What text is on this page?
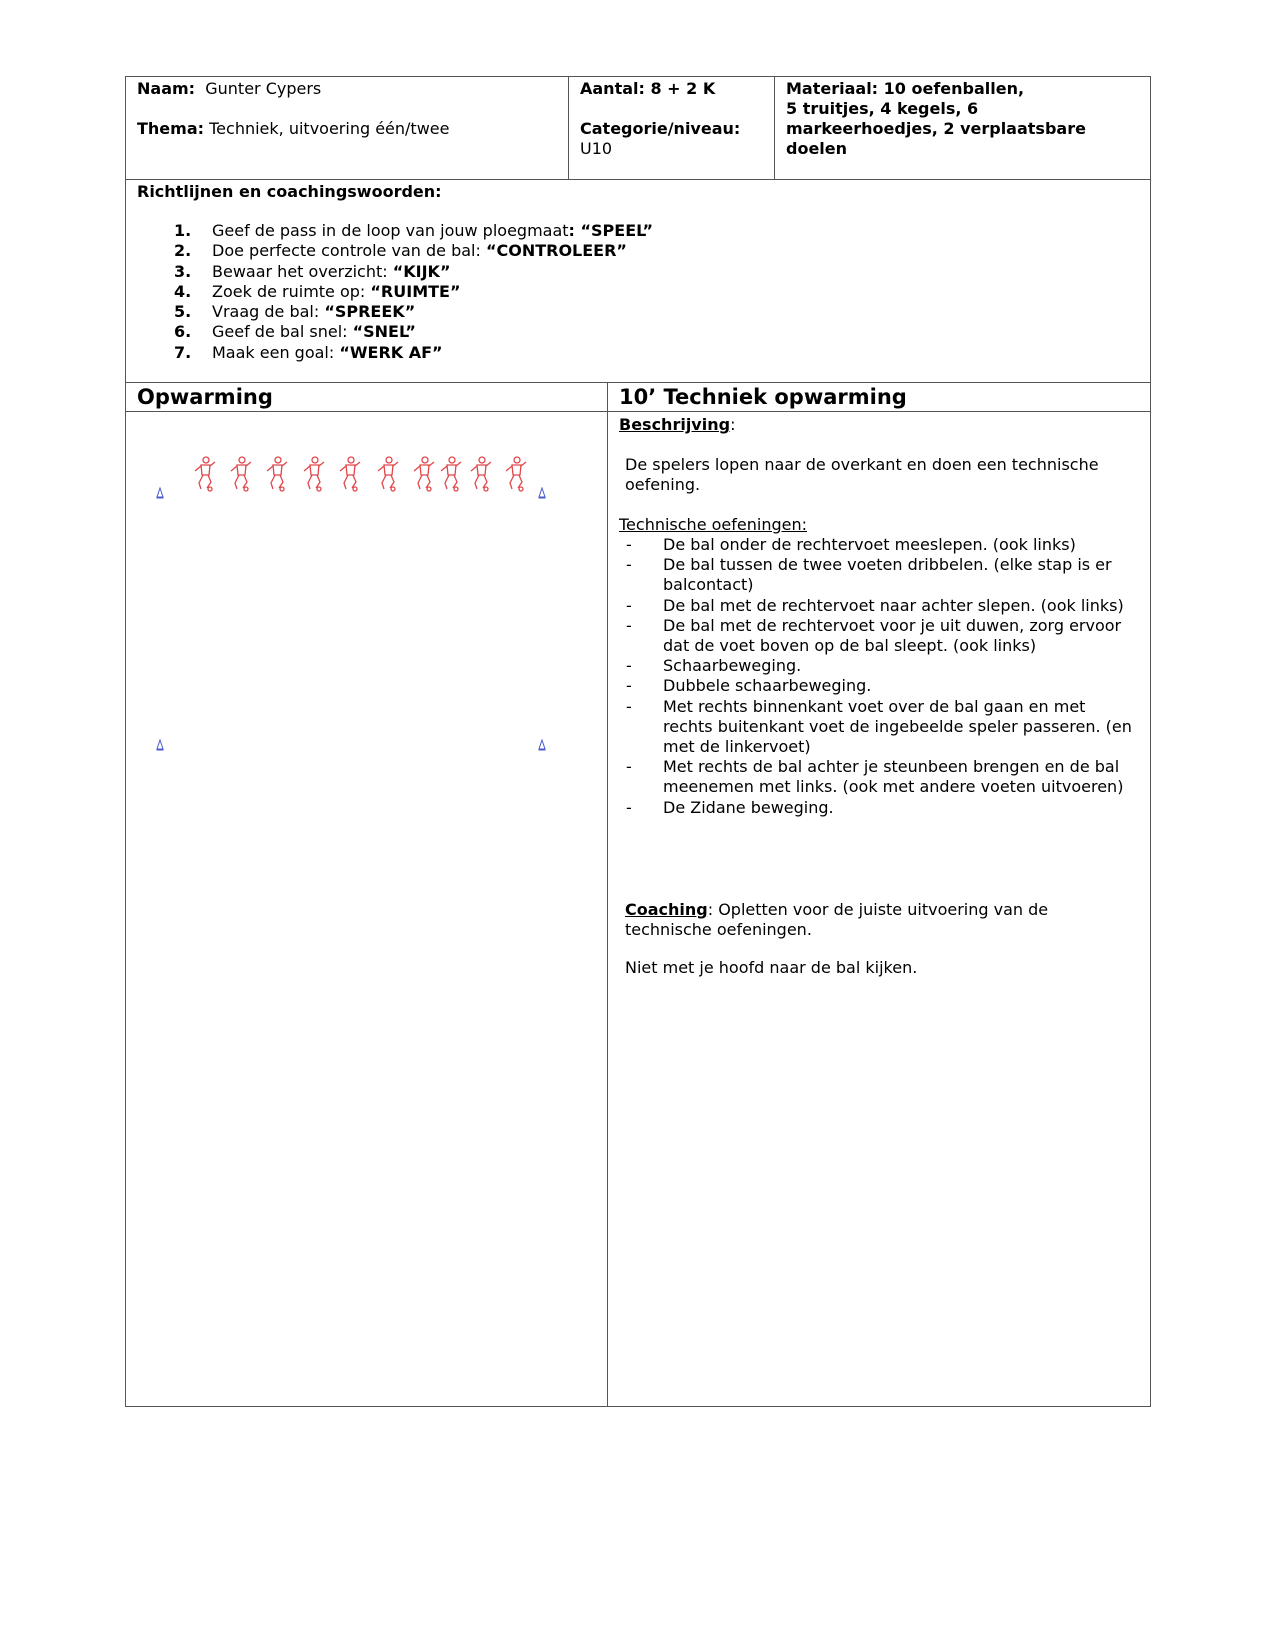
Naam: Gunter Cypers
Thema: Techniek, uitvoering één/twee
Aantal: 8 + 2 K
Categorie/niveau:
U10
Materiaal: 10 oefenballen,
5 truitjes, 4 kegels, 6
markeerhoedjes, 2 verplaatsbare
doelen
Richtlijnen en coachingswoorden:
1. Geef de pass in de loop van jouw ploegmaat: “SPEEL”
2. Doe perfecte controle van de bal: “CONTROLEER”
3. Bewaar het overzicht: “KIJK”
4. Zoek de ruimte op: “RUIMTE”
5. Vraag de bal: “SPREEK”
6. Geef de bal snel: “SNEL”
7. Maak een goal: “WERK AF”
Opwarming	10’ Techniek opwarming
Beschrijving:
De spelers lopen naar de overkant en doen een technische oefening.
Technische oefeningen:
- De bal onder de rechtervoet meeslepen. (ook links)
- De bal tussen de twee voeten dribbelen. (elke stap is er balcontact)
- De bal met de rechtervoet naar achter slepen. (ook links)
- De bal met de rechtervoet voor je uit duwen, zorg ervoor dat de voet boven op de bal sleept. (ook links)
- Schaarbeweging.
- Dubbele schaarbeweging.
- Met rechts binnenkant voet over de bal gaan en met rechts buitenkant voet de ingebeelde speler passeren. (en met de linkervoet)
- Met rechts de bal achter je steunbeen brengen en de bal meenemen met links. (ook met andere voeten uitvoeren)
- De Zidane beweging.
Coaching: Opletten voor de juiste uitvoering van de technische oefeningen.
Niet met je hoofd naar de bal kijken.
